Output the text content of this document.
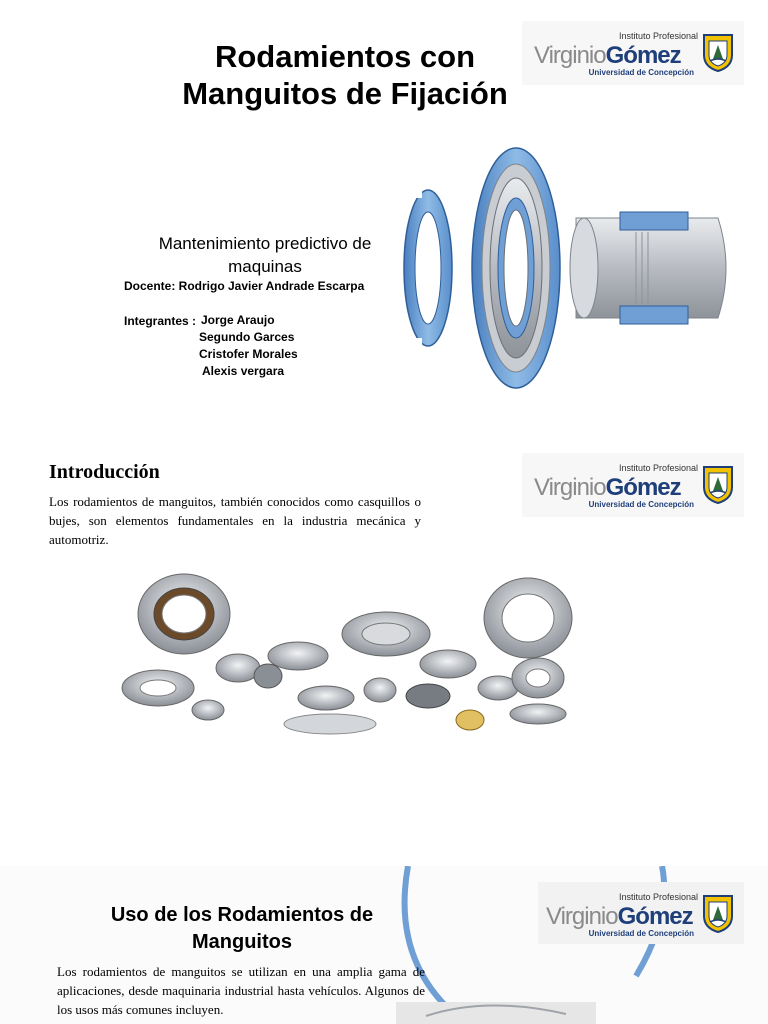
Rodamientos con
Manguitos de Fijación
Instituto Profesional
VirginioGómez
Universidad de Concepción
Mantenimiento predictivo de maquinas
Docente: Rodrigo Javier Andrade Escarpa
Integrantes : Jorge Araujo
Segundo Garces
Cristofer Morales
Alexis vergara
Introducción	Instituto Profesional
VirginioGómez
Universidad de Concepción
Los rodamientos de manguitos, también conocidos como casquillos o bujes, son elementos fundamentales en la industria mecánica y automotriz.
Uso de los Rodamientos de Manguitos
Instituto Profesional
VirginioGómez
Universidad de Concepción
Los rodamientos de manguitos se utilizan en una amplia gama de aplicaciones, desde maquinaria industrial hasta vehículos. Algunos de los usos más comunes incluyen.
